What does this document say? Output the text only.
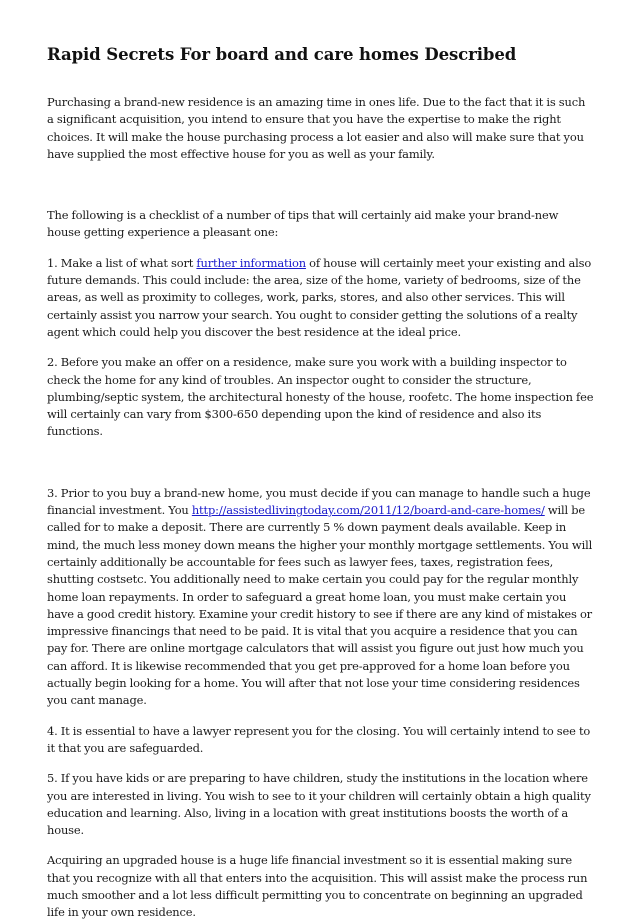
Rapid Secrets For board and care homes Described

Purchasing a brand-new residence is an amazing time in ones life. Due to the fact that it is such a significant acquisition, you intend to ensure that you have the expertise to make the right choices. It will make the house purchasing process a lot easier and also will make sure that you have supplied the most effective house for you as well as your family.

The following is a checklist of a number of tips that will certainly aid make your brand-new house getting experience a pleasant one:

1. Make a list of what sort further information of house will certainly meet your existing and also future demands. This could include: the area, size of the home, variety of bedrooms, size of the areas, as well as proximity to colleges, work, parks, stores, and also other services. This will certainly assist you narrow your search. You ought to consider getting the solutions of a realty agent which could help you discover the best residence at the ideal price.

2. Before you make an offer on a residence, make sure you work with a building inspector to check the home for any kind of troubles. An inspector ought to consider the structure, plumbing/septic system, the architectural honesty of the house, roofetc. The home inspection fee will certainly can vary from $300-650 depending upon the kind of residence and also its functions.

3. Prior to you buy a brand-new home, you must decide if you can manage to handle such a huge financial investment. You http://assistedlivingtoday.com/2011/12/board-and-care-homes/ will be called for to make a deposit. There are currently 5 % down payment deals available. Keep in mind, the much less money down means the higher your monthly mortgage settlements. You will certainly additionally be accountable for fees such as lawyer fees, taxes, registration fees, shutting costsetc. You additionally need to make certain you could pay for the regular monthly home loan repayments. In order to safeguard a great home loan, you must make certain you have a good credit history. Examine your credit history to see if there are any kind of mistakes or impressive financings that need to be paid. It is vital that you acquire a residence that you can pay for. There are online mortgage calculators that will assist you figure out just how much you can afford. It is likewise recommended that you get pre-approved for a home loan before you actually begin looking for a home. You will after that not lose your time considering residences you cant manage.

4. It is essential to have a lawyer represent you for the closing. You will certainly intend to see to it that you are safeguarded.

5. If you have kids or are preparing to have children, study the institutions in the location where you are interested in living. You wish to see to it your children will certainly obtain a high quality education and learning. Also, living in a location with great institutions boosts the worth of a house.

Acquiring an upgraded house is a huge life financial investment so it is essential making sure that you recognize with all that enters into the acquisition. This will assist make the process run much smoother and a lot less difficult permitting you to concentrate on beginning an upgraded life in your own residence.
